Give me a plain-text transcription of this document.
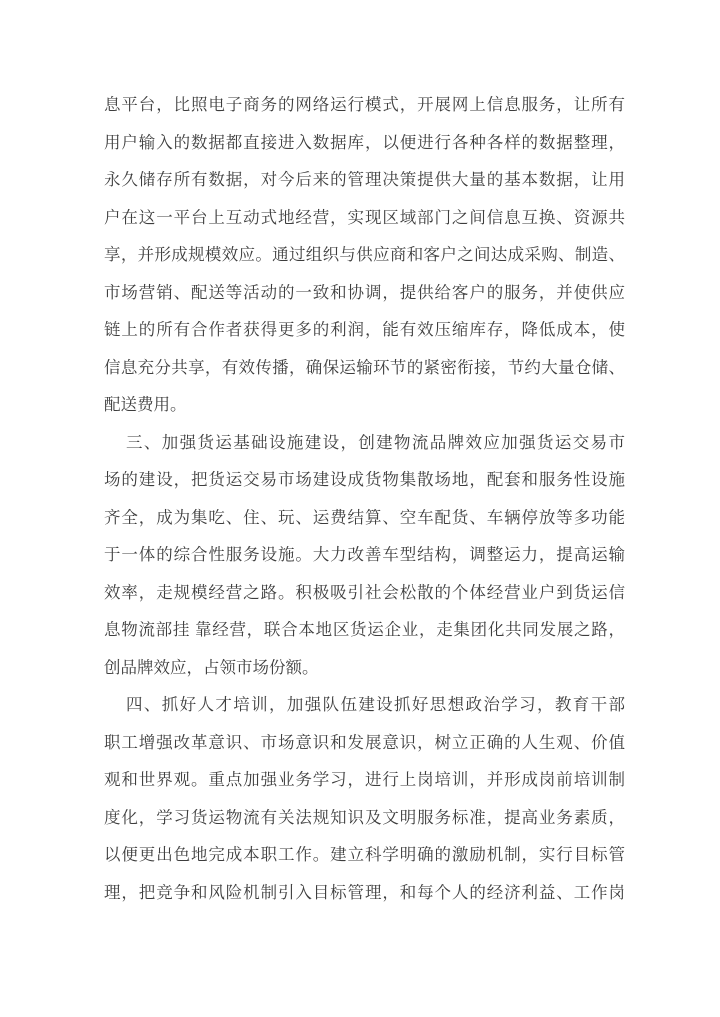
息平台，比照电子商务的网络运行模式，开展网上信息服务，让所有
用户输入的数据都直接进入数据库，以便进行各种各样的数据整理，
永久储存所有数据，对今后来的管理决策提供大量的基本数据，让用
户在这一平台上互动式地经营，实现区域部门之间信息互换、资源共
享，并形成规模效应。通过组织与供应商和客户之间达成采购、制造、
市场营销、配送等活动的一致和协调，提供给客户的服务，并使供应
链上的所有合作者获得更多的利润，能有效压缩库存，降低成本，使
信息充分共享，有效传播，确保运输环节的紧密衔接，节约大量仓储、
配送费用。
三、加强货运基础设施建设，创建物流品牌效应加强货运交易市
场的建设，把货运交易市场建设成货物集散场地，配套和服务性设施
齐全，成为集吃、住、玩、运费结算、空车配货、车辆停放等多功能
于一体的综合性服务设施。大力改善车型结构，调整运力，提高运输
效率，走规模经营之路。积极吸引社会松散的个体经营业户到货运信
息物流部挂 靠经营，联合本地区货运企业，走集团化共同发展之路，
创品牌效应，占领市场份额。
四、抓好人才培训，加强队伍建设抓好思想政治学习，教育干部
职工增强改革意识、市场意识和发展意识，树立正确的人生观、价值
观和世界观。重点加强业务学习，进行上岗培训，并形成岗前培训制
度化，学习货运物流有关法规知识及文明服务标准，提高业务素质，
以便更出色地完成本职工作。建立科学明确的激励机制，实行目标管
理，把竞争和风险机制引入目标管理，和每个人的经济利益、工作岗
